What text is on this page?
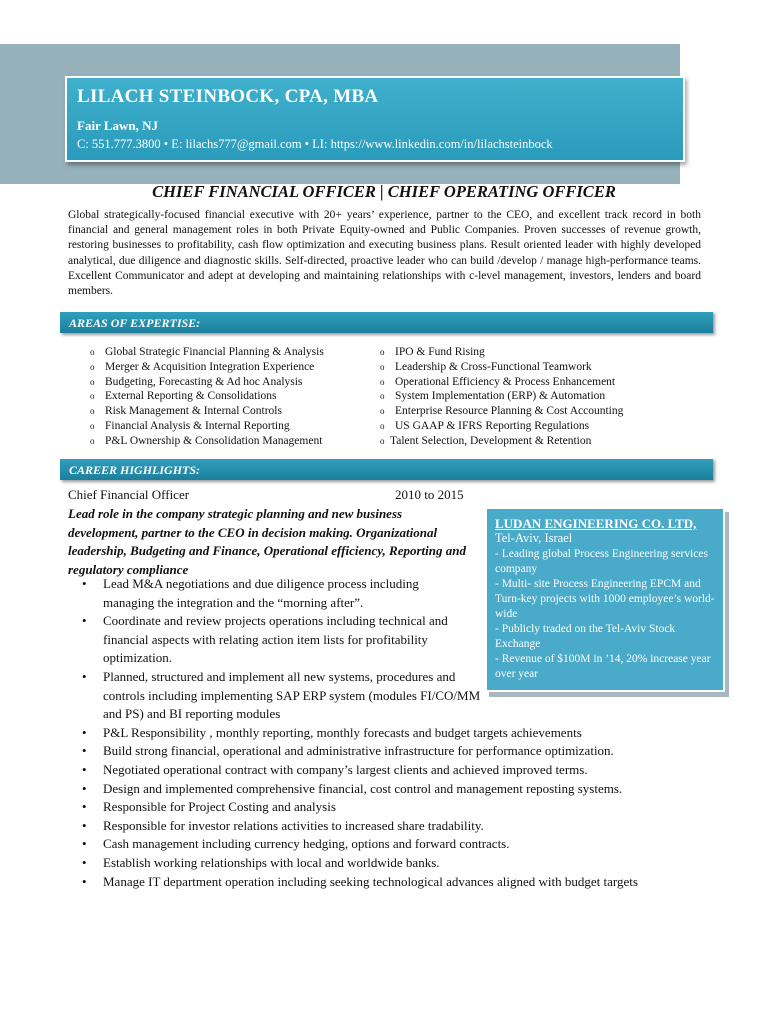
LILACH STEINBOCK, CPA, MBA
Fair Lawn, NJ
C: 551.777.3800 • E: lilachs777@gmail.com • LI: https://www.linkedin.com/in/lilachsteinbock
CHIEF FINANCIAL OFFICER | CHIEF OPERATING OFFICER
Global strategically-focused financial executive with 20+ years’ experience, partner to the CEO, and excellent track record in both financial and general management roles in both Private Equity-owned and Public Companies. Proven successes of revenue growth, restoring businesses to profitability, cash flow optimization and executing business plans. Result oriented leader with highly developed analytical, due diligence and diagnostic skills. Self-directed, proactive leader who can build /develop / manage high-performance teams. Excellent Communicator and adept at developing and maintaining relationships with c-level management, investors, lenders and board members.
AREAS OF EXPERTISE:
o Global Strategic Financial Planning & Analysis
o Merger & Acquisition Integration Experience
o Budgeting, Forecasting & Ad hoc Analysis
o External Reporting & Consolidations
o Risk Management & Internal Controls
o Financial Analysis & Internal Reporting
o P&L Ownership & Consolidation Management
o IPO & Fund Rising
o Leadership & Cross-Functional Teamwork
o Operational Efficiency & Process Enhancement
o System Implementation (ERP) & Automation
o Enterprise Resource Planning & Cost Accounting
o US GAAP & IFRS Reporting Regulations
o Talent Selection, Development & Retention
CAREER HIGHLIGHTS:
Chief Financial Officer	2010 to 2015
Lead role in the company strategic planning and new business development, partner to the CEO in decision making. Organizational leadership, Budgeting and Finance, Operational efficiency, Reporting and regulatory compliance
• Lead M&A negotiations and due diligence process including managing the integration and the “morning after”.
• Coordinate and review projects operations including technical and financial aspects with relating action item lists for profitability optimization.
• Planned, structured and implement all new systems, procedures and controls including implementing SAP ERP system (modules FI/CO/MM and PS) and BI reporting modules
• P&L Responsibility , monthly reporting, monthly forecasts and budget targets achievements
• Build strong financial, operational and administrative infrastructure for performance optimization.
• Negotiated operational contract with company’s largest clients and achieved improved terms.
• Design and implemented comprehensive financial, cost control and management reposting systems.
• Responsible for Project Costing and analysis
• Responsible for investor relations activities to increased share tradability.
• Cash management including currency hedging, options and forward contracts.
• Establish working relationships with local and worldwide banks.
• Manage IT department operation including seeking technological advances aligned with budget targets
LUDAN ENGINEERING CO. LTD,
Tel-Aviv, Israel
- Leading global Process Engineering services company
- Multi- site Process Engineering EPCM and Turn-key projects with 1000 employee’s world-wide
- Publicly traded on the Tel-Aviv Stock Exchange
- Revenue of $100M in ’14, 20% increase year over year
